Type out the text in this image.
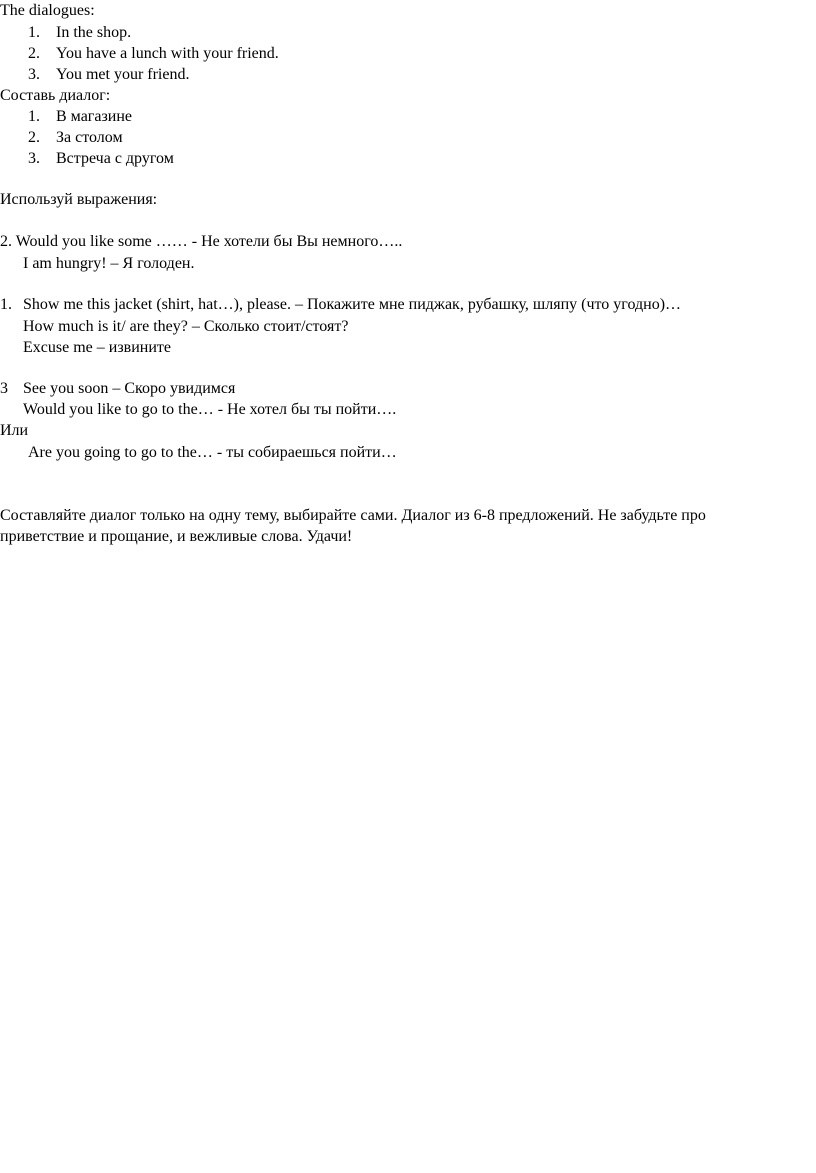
The dialogues:
1. In the shop.
2. You have a lunch with your friend.
3. You met your friend.
Составь диалог:
1. В магазине
2. За столом
3. Встреча с другом
Используй выражения:
2. Would you like some …… - Не хотели бы Вы немного…..
I am hungry! – Я голоден.
1. Show me this jacket (shirt, hat…), please. – Покажите мне пиджак, рубашку, шляпу (что угодно)…
How much is it/ are they? – Сколько стоит/стоят?
Excuse me – извините
3 See you soon – Скоро увидимся
Would you like to go to the… - Не хотел бы ты пойти….
Или
Are you going to go to the… - ты собираешься пойти…
Составляйте диалог только на одну тему, выбирайте сами. Диалог из 6-8 предложений. Не забудьте про
приветствие и прощание, и вежливые слова. Удачи!
